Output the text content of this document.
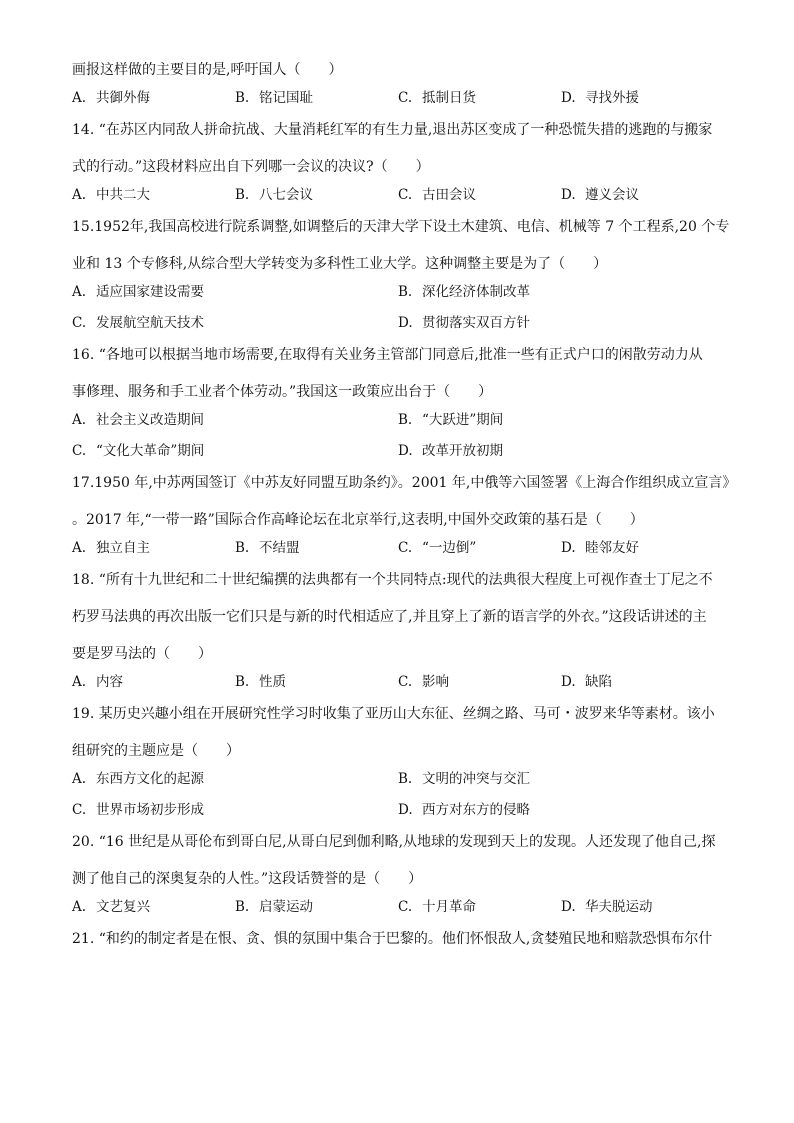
画报这样做的主要目的是,呼吁国人（　　）
A. 共御外侮	B. 铭记国耻	C. 抵制日货	D. 寻找外援
14. “在苏区内同敌人拼命抗战、大量消耗红军的有生力量,退出苏区变成了一种恐慌失措的逃跑的与搬家
式的行动。”这段材料应出自下列哪一会议的决议?（　　）
A. 中共二大	B. 八七会议	C. 古田会议	D. 遵义会议
15.1952年,我国高校进行院系调整,如调整后的天津大学下设土木建筑、电信、机械等 7 个工程系,20 个专
业和 13 个专修科,从综合型大学转变为多科性工业大学。这种调整主要是为了（　　）
A. 适应国家建设需要	B. 深化经济体制改革
C. 发展航空航天技术	D. 贯彻落实双百方针
16. “各地可以根据当地市场需要,在取得有关业务主管部门同意后,批准一些有正式户口的闲散劳动力从
事修理、服务和手工业者个体劳动。”我国这一政策应出台于（　　）
A. 社会主义改造期间	B. “大跃进”期间
C. “文化大革命”期间	D. 改革开放初期
17.1950 年,中苏两国签订《中苏友好同盟互助条约》。2001 年,中俄等六国签署《上海合作组织成立宣言》
。2017 年,“一带一路”国际合作高峰论坛在北京举行,这表明,中国外交政策的基石是（　　）
A. 独立自主	B. 不结盟	C. “一边倒”	D. 睦邻友好
18. “所有十九世纪和二十世纪编撰的法典都有一个共同特点:现代的法典很大程度上可视作查士丁尼之不
朽罗马法典的再次出版一它们只是与新的时代相适应了,并且穿上了新的语言学的外衣。”这段话讲述的主
要是罗马法的（　　）
A. 内容	B. 性质	C. 影响	D. 缺陷
19. 某历史兴趣小组在开展研究性学习时收集了亚历山大东征、丝绸之路、马可・波罗来华等素材。该小
组研究的主题应是（　　）
A. 东西方文化的起源	B. 文明的冲突与交汇
C. 世界市场初步形成	D. 西方对东方的侵略
20. “16 世纪是从哥伦布到哥白尼,从哥白尼到伽利略,从地球的发现到天上的发现。人还发现了他自己,探
测了他自己的深奥复杂的人性。”这段话赞誉的是（　　）
A. 文艺复兴	B. 启蒙运动	C. 十月革命	D. 华夫脱运动
21. “和约的制定者是在恨、贪、惧的氛围中集合于巴黎的。他们怀恨敌人,贪婪殖民地和赔款恐惧布尔什
